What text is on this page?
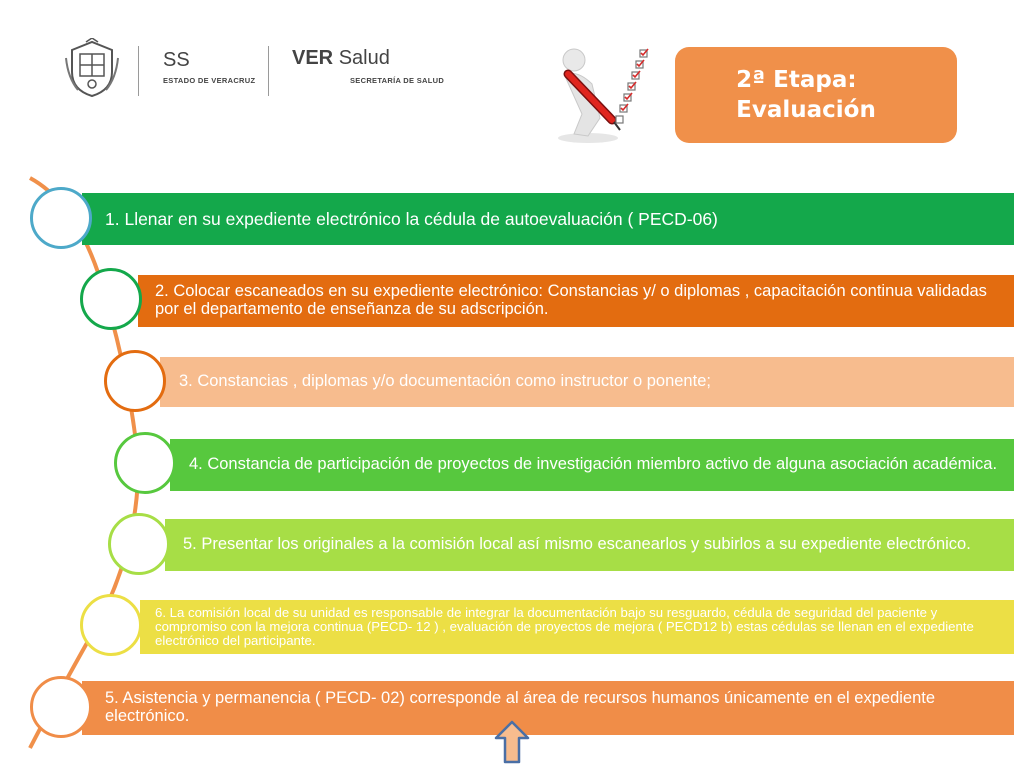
SS
ESTADO DE VERACRUZ
VER Salud
SECRETARÍA DE SALUD	2ª Etapa:
Evaluación
1. Llenar en su expediente electrónico la cédula de autoevaluación ( PECD-06)
2. Colocar escaneados en su expediente electrónico: Constancias y/ o diplomas , capacitación continua validadas por el departamento de enseñanza de su adscripción.
3. Constancias , diplomas y/o documentación como instructor o ponente;
4. Constancia de participación de proyectos de investigación miembro activo de alguna asociación académica.
5. Presentar los originales a la comisión local así mismo escanearlos y subirlos a su expediente electrónico.
6. La comisión local de su unidad es responsable de integrar la documentación bajo su resguardo, cédula de seguridad del paciente y compromiso con la mejora continua (PECD- 12 ) , evaluación de proyectos de mejora ( PECD12 b) estas cédulas se llenan en el expediente electrónico del participante.
5. Asistencia y permanencia ( PECD- 02) corresponde al área de recursos humanos únicamente en el expediente electrónico.
